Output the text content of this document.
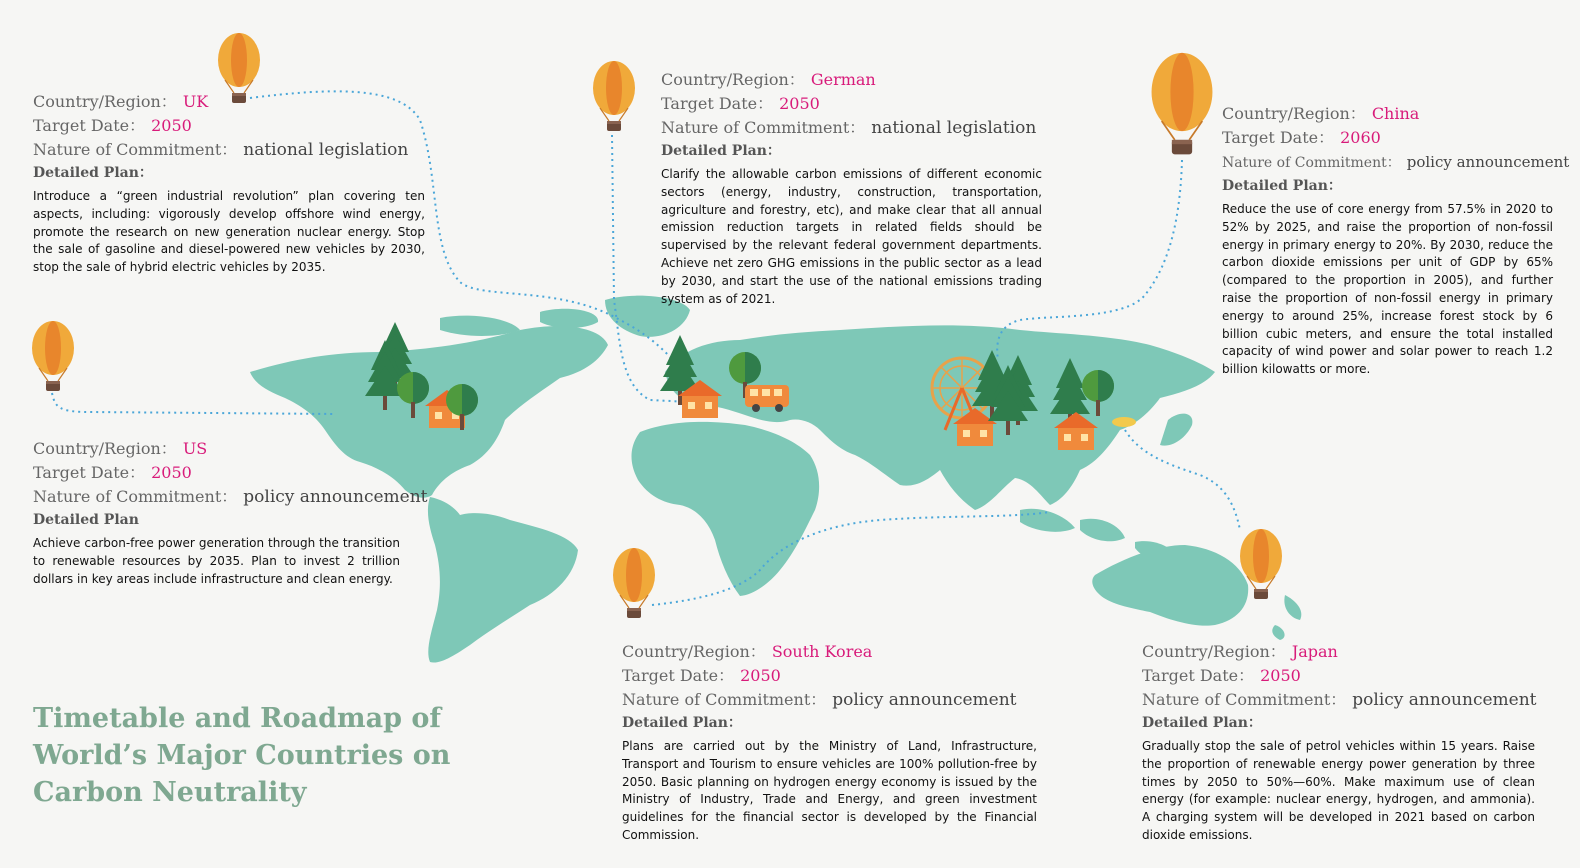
Country/Region： UK
Target Date： 2050
Nature of Commitment： national legislation
Detailed Plan：
Introduce a “green industrial revolution” plan covering ten aspects, including: vigorously develop offshore wind energy, promote the research on new generation nuclear energy. Stop the sale of gasoline and diesel-powered new vehicles by 2030, stop the sale of hybrid electric vehicles by 2035.
Country/Region： German
Target Date： 2050
Nature of Commitment： national legislation
Detailed Plan：
Clarify the allowable carbon emissions of different economic sectors (energy, industry, construction, transportation, agriculture and forestry, etc), and make clear that all annual emission reduction targets in related fields should be supervised by the relevant federal government departments. Achieve net zero GHG emissions in the public sector as a lead by 2030, and start the use of the national emissions trading system as of 2021.
Country/Region： China
Target Date： 2060
Nature of Commitment： policy announcement
Detailed Plan：
Reduce the use of core energy from 57.5% in 2020 to 52% by 2025, and raise the proportion of non-fossil energy in primary energy to 20%. By 2030, reduce the carbon dioxide emissions per unit of GDP by 65% (compared to the proportion in 2005), and further raise the proportion of non-fossil energy in primary energy to around 25%, increase forest stock by 6 billion cubic meters, and ensure the total installed capacity of wind power and solar power to reach 1.2 billion kilowatts or more.
Country/Region： US
Target Date： 2050
Nature of Commitment： policy announcement
Detailed Plan
Achieve carbon-free power generation through the transition to renewable resources by 2035. Plan to invest 2 trillion dollars in key areas include infrastructure and clean energy.
Country/Region： South Korea
Target Date： 2050
Nature of Commitment： policy announcement
Detailed Plan：
Plans are carried out by the Ministry of Land, Infrastructure, Transport and Tourism to ensure vehicles are 100% pollution-free by 2050. Basic planning on hydrogen energy economy is issued by the Ministry of Industry, Trade and Energy, and green investment guidelines for the financial sector is developed by the Financial Commission.
Country/Region： Japan
Target Date： 2050
Nature of Commitment： policy announcement
Detailed Plan：
Gradually stop the sale of petrol vehicles within 15 years. Raise the proportion of renewable energy power generation by three times by 2050 to 50%—60%. Make maximum use of clean energy (for example: nuclear energy, hydrogen, and ammonia). A charging system will be developed in 2021 based on carbon dioxide emissions.
Timetable and Roadmap of
World’s Major Countries on
Carbon Neutrality
